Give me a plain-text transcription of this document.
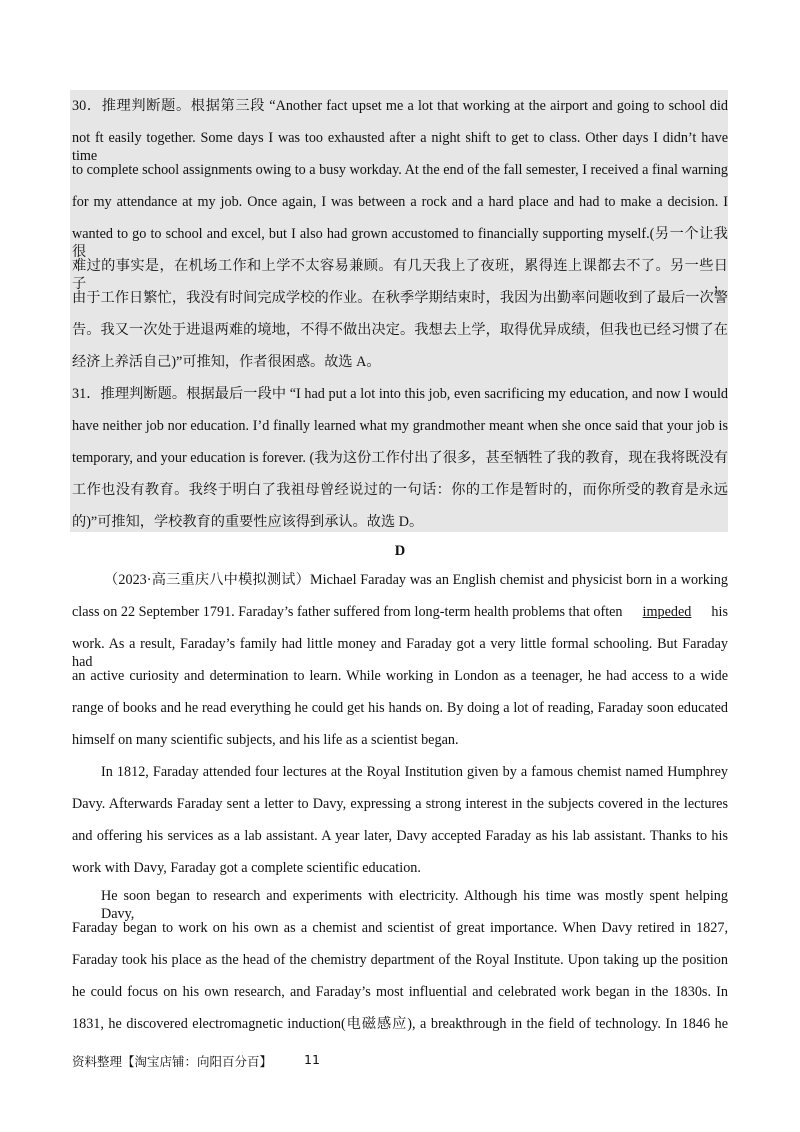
30．推理判断题。根据第三段 “Another fact upset me a lot that working at the airport and going to school did
not ft easily together. Some days I was too exhausted after a night shift to get to class. Other days I didn’t have time
to complete school assignments owing to a busy workday. At the end of the fall semester, I received a final warning
for my attendance at my job. Once again, I was between a rock and a hard place and had to make a decision. I
wanted to go to school and excel, but I also had grown accustomed to financially supporting myself.(另一个让我很
难过的事实是，在机场工作和上学不太容易兼顾。有几天我上了夜班，累得连上课都去不了。另一些日子，
由于工作日繁忙，我没有时间完成学校的作业。在秋季学期结束时，我因为出勤率问题收到了最后一次警
告。我又一次处于进退两难的境地，不得不做出决定。我想去上学，取得优异成绩，但我也已经习惯了在
经济上养活自己)”可推知，作者很困惑。故选 A。
31．推理判断题。根据最后一段中 “I had put a lot into this job, even sacrificing my education, and now I would
have neither job nor education. I’d finally learned what my grandmother meant when she once said that your job is
temporary, and your education is forever. (我为这份工作付出了很多，甚至牺牲了我的教育，现在我将既没有
工作也没有教育。我终于明白了我祖母曾经说过的一句话：你的工作是暂时的，而你所受的教育是永远
的)”可推知，学校教育的重要性应该得到承认。故选 D。
D
（2023·高三重庆八中模拟测试）Michael Faraday was an English chemist and physicist born in a working
class on 22 September 1791. Faraday’s father suffered from long-term health problems that often impeded his
work. As a result, Faraday’s family had little money and Faraday got a very little formal schooling. But Faraday had
an active curiosity and determination to learn. While working in London as a teenager, he had access to a wide
range of books and he read everything he could get his hands on. By doing a lot of reading, Faraday soon educated
himself on many scientific subjects, and his life as a scientist began.
In 1812, Faraday attended four lectures at the Royal Institution given by a famous chemist named Humphrey
Davy. Afterwards Faraday sent a letter to Davy, expressing a strong interest in the subjects covered in the lectures
and offering his services as a lab assistant. A year later, Davy accepted Faraday as his lab assistant. Thanks to his
work with Davy, Faraday got a complete scientific education.
He soon began to research and experiments with electricity. Although his time was mostly spent helping Davy,
Faraday began to work on his own as a chemist and scientist of great importance. When Davy retired in 1827,
Faraday took his place as the head of the chemistry department of the Royal Institute. Upon taking up the position
he could focus on his own research, and Faraday’s most influential and celebrated work began in the 1830s. In
1831, he discovered electromagnetic induction(电磁感应), a breakthrough in the field of technology. In 1846 he
资料整理【淘宝店铺：向阳百分百】	11
